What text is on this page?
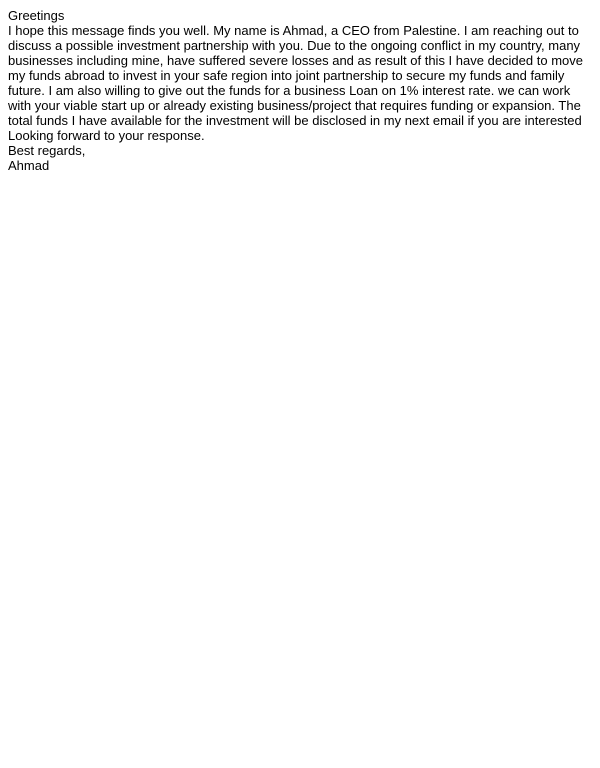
Greetings
I hope this message finds you well. My name is Ahmad, a CEO from Palestine. I am reaching out to discuss a possible investment partnership with you. Due to the ongoing conflict in my country, many businesses including mine, have suffered severe losses and as result of this I have decided to move my funds abroad to invest in your safe region into joint partnership to secure my funds and family future. I am also willing to give out the funds for a business Loan on 1% interest rate. we can work with your viable start up or already existing business/project that requires funding or expansion. The total funds I have available for the investment will be disclosed in my next email if you are interested Looking forward to your response.
Best regards,
Ahmad
